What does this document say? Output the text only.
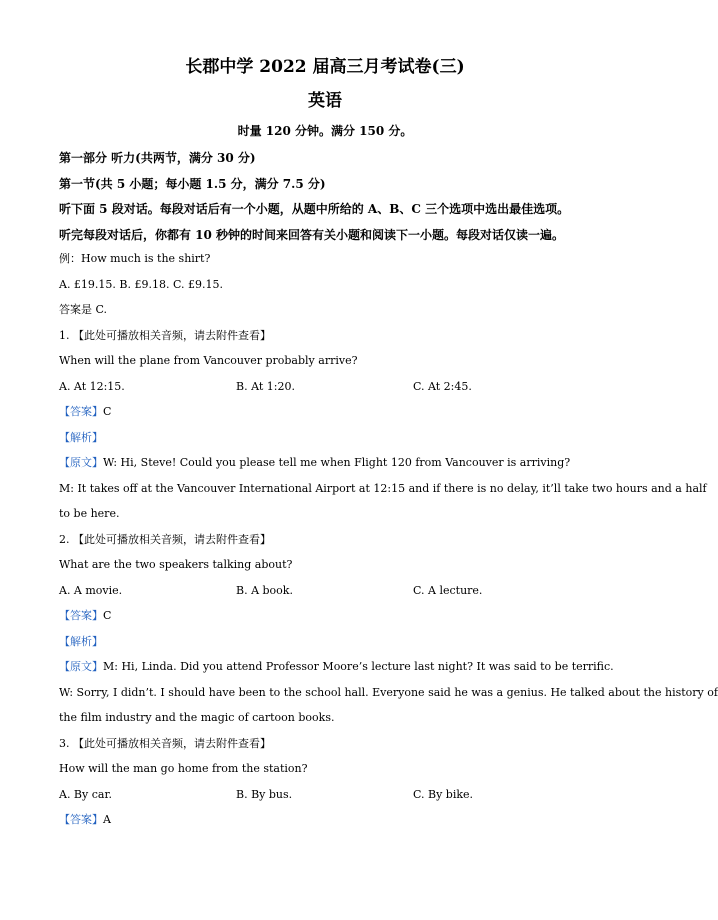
长郡中学 2022 届高三月考试卷(三)
英语
时量 120 分钟。满分 150 分。
第一部分 听力(共两节，满分 30 分)
第一节(共 5 小题；每小题 1.5 分，满分 7.5 分)
听下面 5 段对话。每段对话后有一个小题，从题中所给的 A、B、C 三个选项中选出最佳选项。
听完每段对话后，你都有 10 秒钟的时间来回答有关小题和阅读下一小题。每段对话仅读一遍。
例：How much is the shirt?
A. £19.15. B. £9.18. C. £9.15.
答案是 C.
1. 【此处可播放相关音频，请去附件查看】
When will the plane from Vancouver probably arrive?
A. At 12:15.	B. At 1:20.	C. At 2:45.
【答案】C
【解析】
【原文】W: Hi, Steve! Could you please tell me when Flight 120 from Vancouver is arriving?
M: It takes off at the Vancouver International Airport at 12:15 and if there is no delay, it’ll take two hours and a half
to be here.
2. 【此处可播放相关音频，请去附件查看】
What are the two speakers talking about?
A. A movie.	B. A book.	C. A lecture.
【答案】C
【解析】
【原文】M: Hi, Linda. Did you attend Professor Moore’s lecture last night? It was said to be terrific.
W: Sorry, I didn’t. I should have been to the school hall. Everyone said he was a genius. He talked about the history of
the film industry and the magic of cartoon books.
3. 【此处可播放相关音频，请去附件查看】
How will the man go home from the station?
A. By car.	B. By bus.	C. By bike.
【答案】A
